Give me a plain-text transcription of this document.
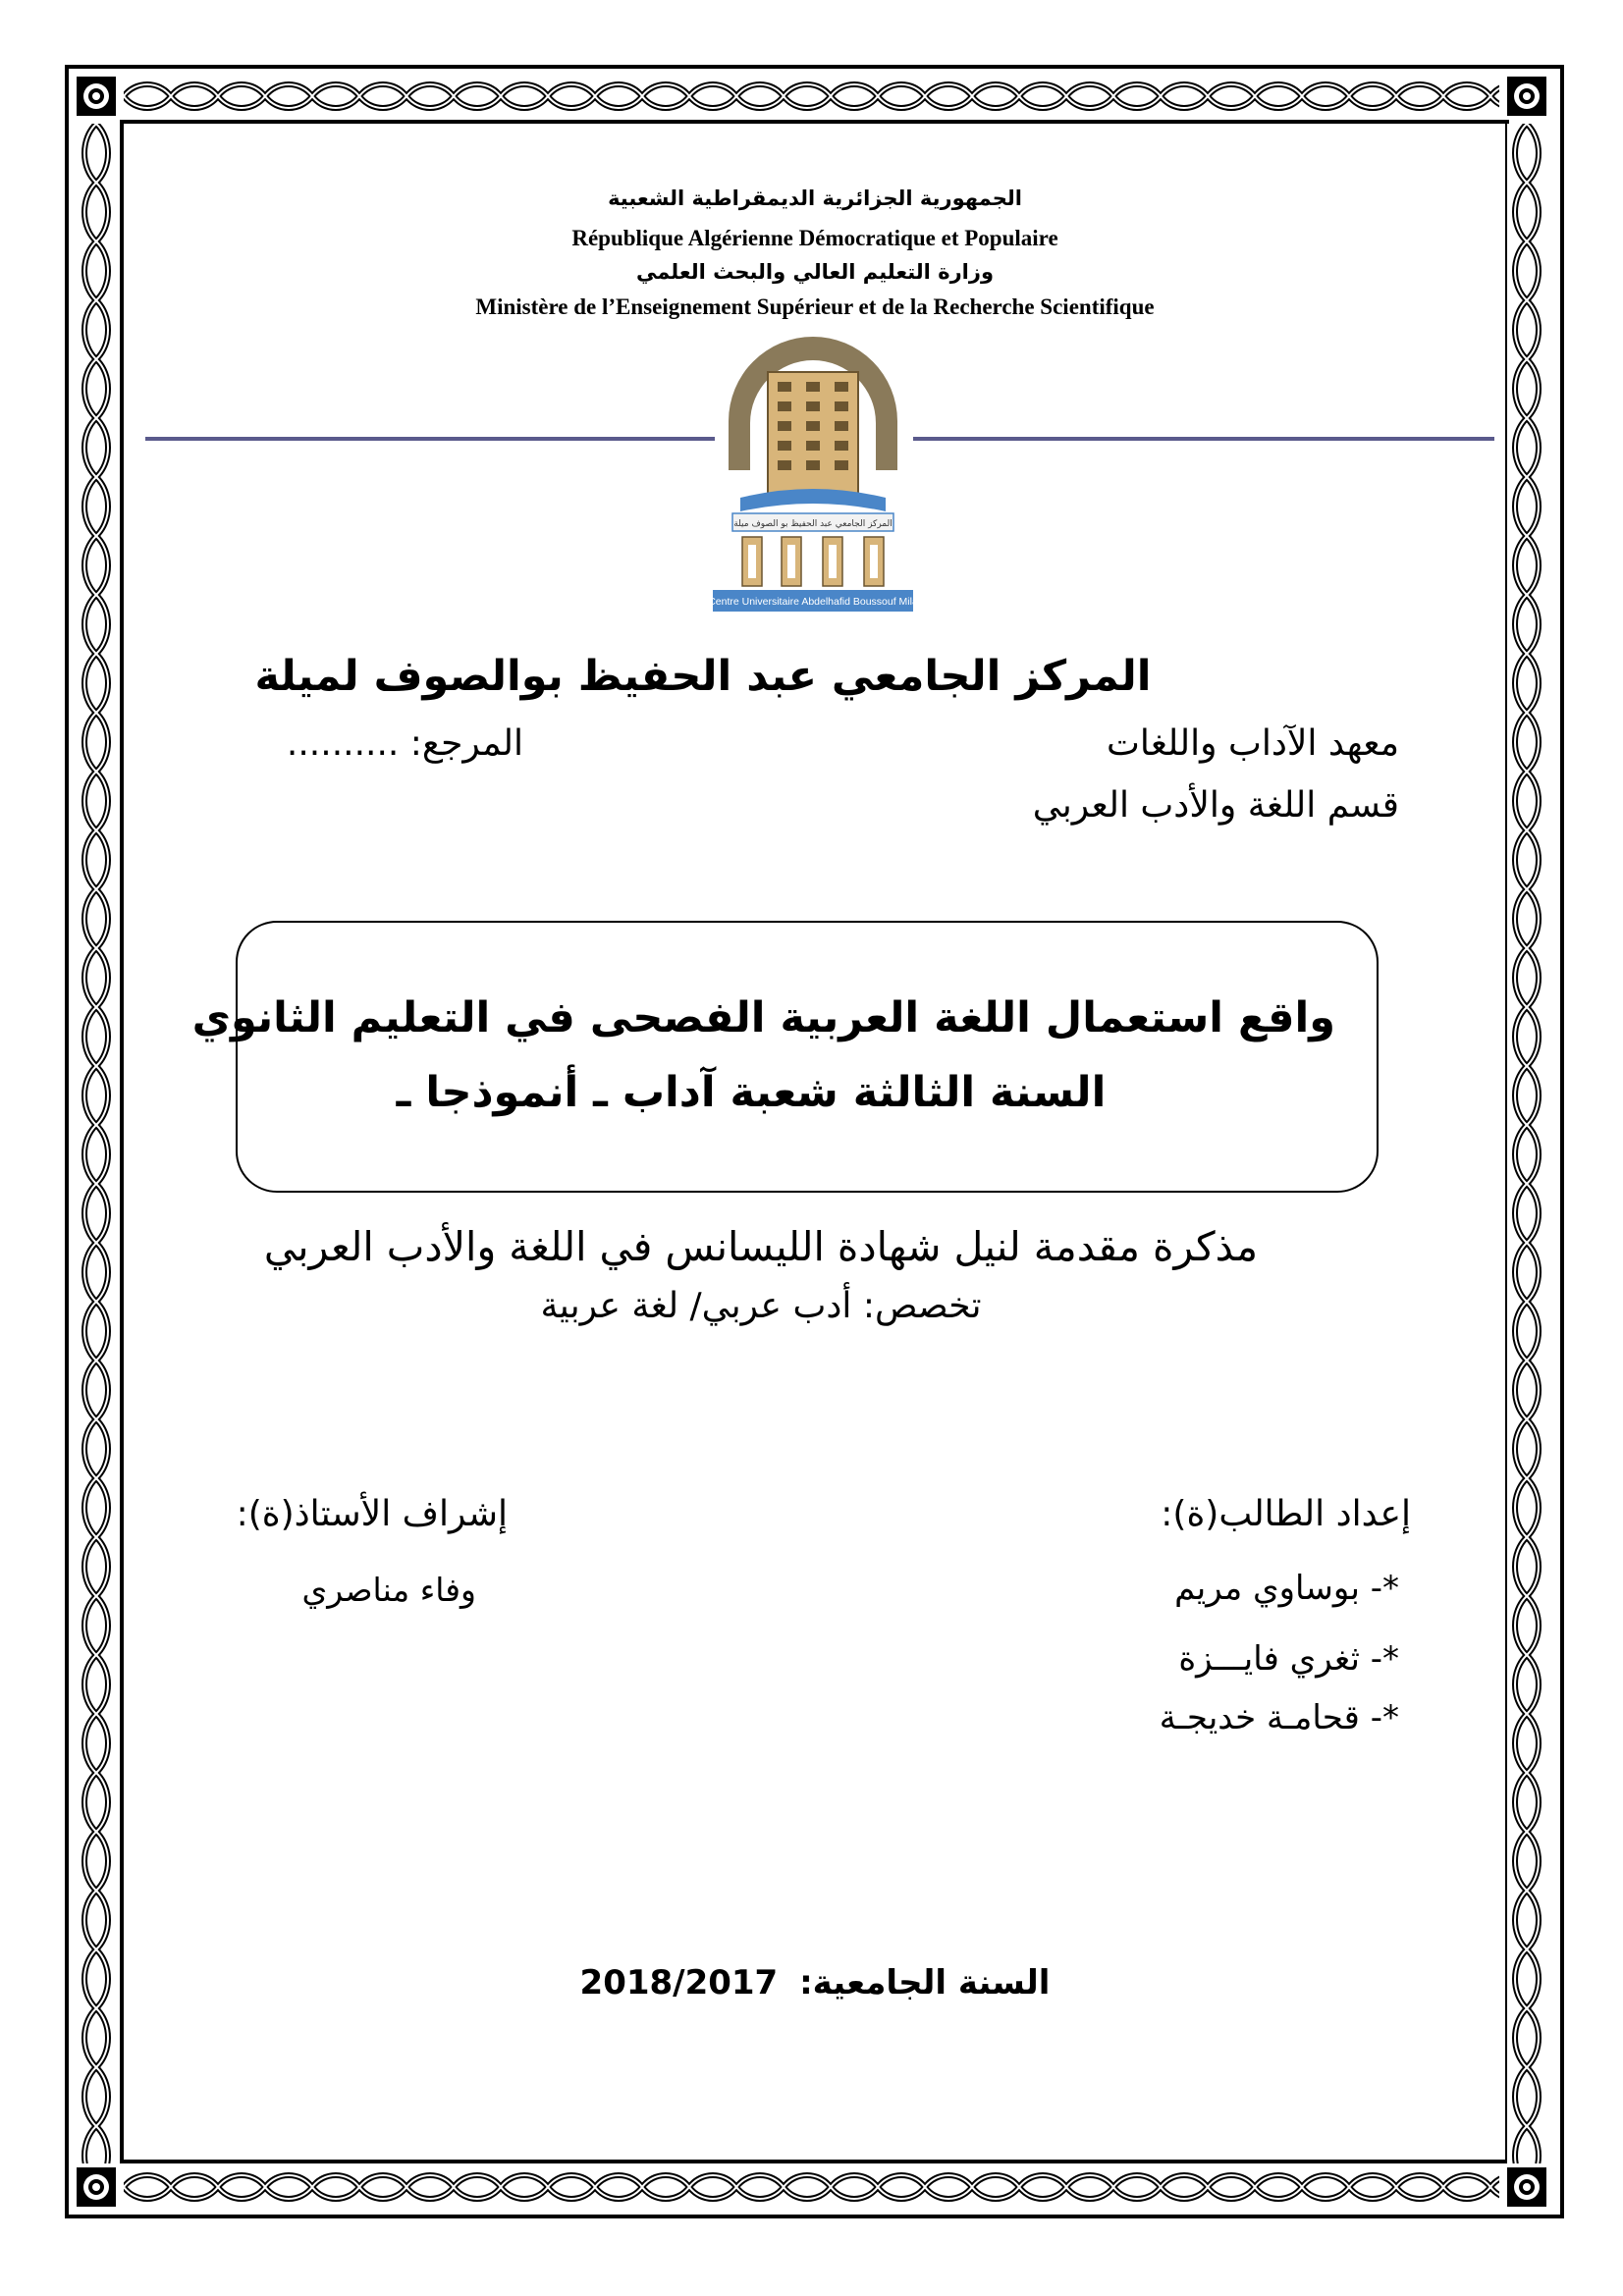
الجمهورية الجزائرية الديمقراطية الشعبية
République Algérienne Démocratique et Populaire
وزارة التعليم العالي والبحث العلمي
Ministère de l’Enseignement Supérieur et de la Recherche Scientifique
المركز الجامعي عبد الحفيظ بو الصوف ميلة
Centre Universitaire Abdelhafid Boussouf Mila
المركز الجامعي عبد الحفيظ بوالصوف لميلة
معهد الآداب واللغات
المرجع: ..........
قسم اللغة والأدب العربي
واقع استعمال اللغة العربية الفصحى في التعليم الثانوي
السنة الثالثة شعبة آداب ـ أنموذجا ـ
مذكرة مقدمة لنيل شهادة الليسانس في اللغة والأدب العربي
تخصص: أدب عربي/ لغة عربية
إعداد الطالب(ة):
*- بوساوي مريم
*- ثغري فايـــزة
*- قحامـة خديجـة
إشراف الأستاذ(ة):
وفاء مناصري
السنة الجامعية: 2018/2017
